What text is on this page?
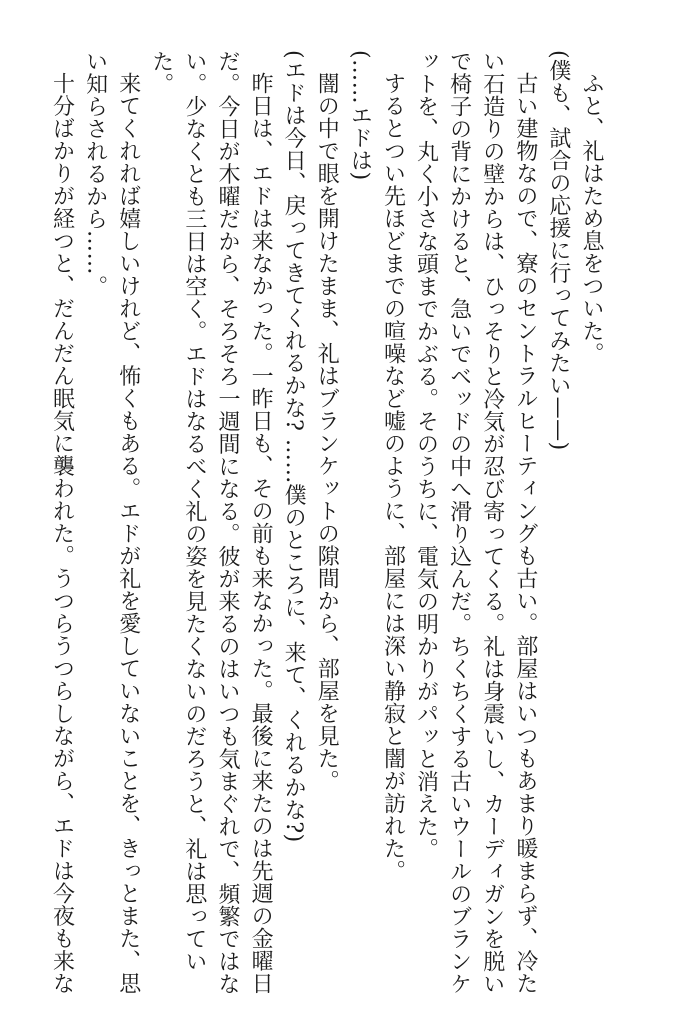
ふと、礼はため息をついた。
(僕も、試合の応援に行ってみたい——)
古い建物なので、寮のセントラルヒーティングも古い。部屋はいつもあまり暖まらず、冷た
い石造りの壁からは、ひっそりと冷気が忍び寄ってくる。礼は身震いし、カーディガンを脱い
で椅子の背にかけると、急いでベッドの中へ滑り込んだ。ちくちくする古いウールのブランケ
ットを、丸く小さな頭までかぶる。そのうちに、電気の明かりがパッと消えた。
するとつい先ほどまでの喧噪など嘘のように、部屋には深い静寂と闇が訪れた。
(……エドは)
闇の中で眼を開けたまま、礼はブランケットの隙間から、部屋を見た。
(エドは今日、戻ってきてくれるかな? ……僕のところに、来て、くれるかな?)
昨日は、エドは来なかった。一昨日も、その前も来なかった。最後に来たのは先週の金曜日
だ。今日が木曜だから、そろそろ一週間になる。彼が来るのはいつも気まぐれで、頻繁ではな
い。少なくとも三日は空く。エドはなるべく礼の姿を見たくないのだろうと、礼は思ってい
た。
来てくれれば嬉しいけれど、怖くもある。エドが礼を愛していないことを、きっとまた、思
い知らされるから……。
十分ばかりが経つと、だんだん眠気に襲われた。うつらうつらしながら、エドは今夜も来な
